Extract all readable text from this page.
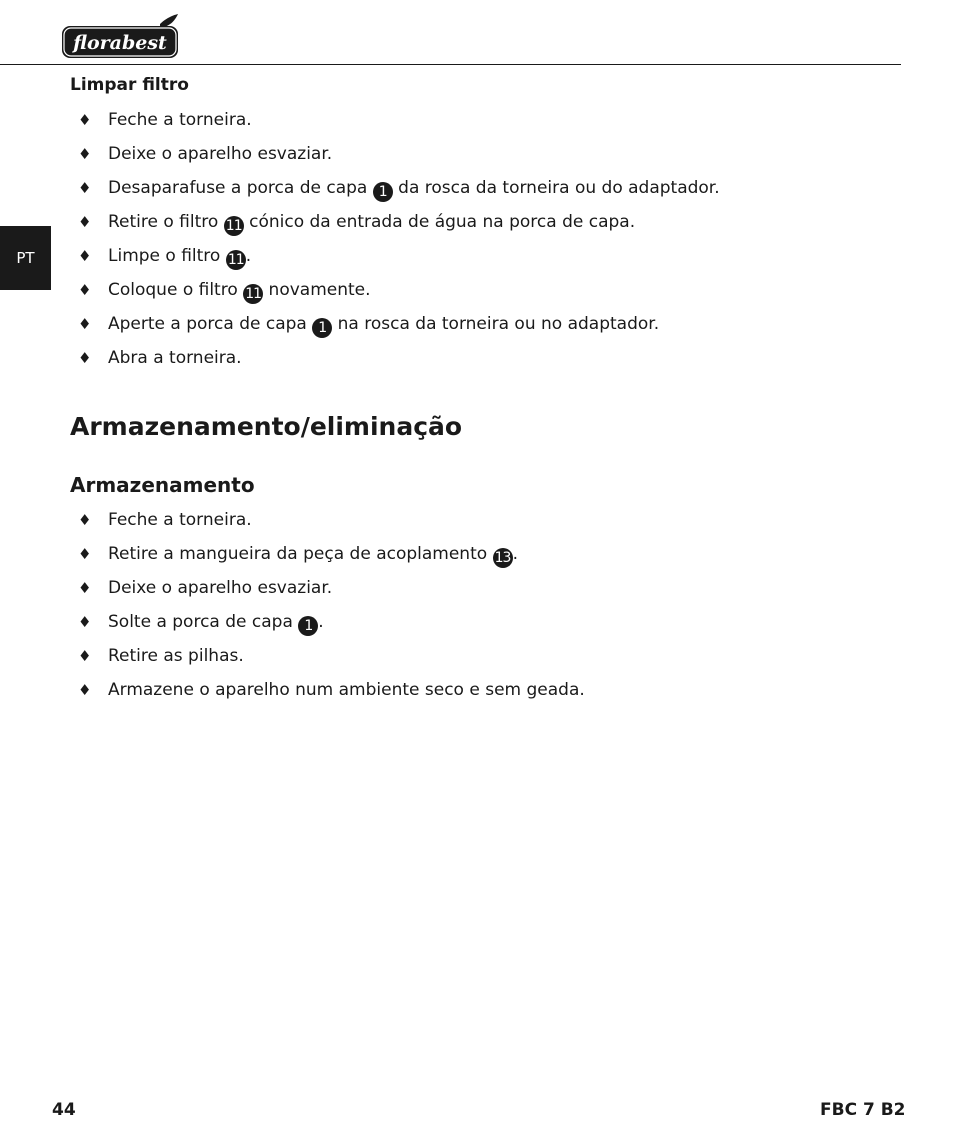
florabest
PT
Limpar filtro
♦ Feche a torneira.
♦ Deixe o aparelho esvaziar.
♦ Desaparafuse a porca de capa 1 da rosca da torneira ou do adaptador.
♦ Retire o filtro 11 cónico da entrada de água na porca de capa.
♦ Limpe o filtro 11 .
♦ Coloque o filtro 11 novamente.
♦ Aperte a porca de capa 1 na rosca da torneira ou no adaptador.
♦ Abra a torneira.
Armazenamento/eliminação
Armazenamento
♦ Feche a torneira.
♦ Retire a mangueira da peça de acoplamento 13 .
♦ Deixe o aparelho esvaziar.
♦ Solte a porca de capa 1 .
♦ Retire as pilhas.
♦ Armazene o aparelho num ambiente seco e sem geada.
44	FBC 7 B2
